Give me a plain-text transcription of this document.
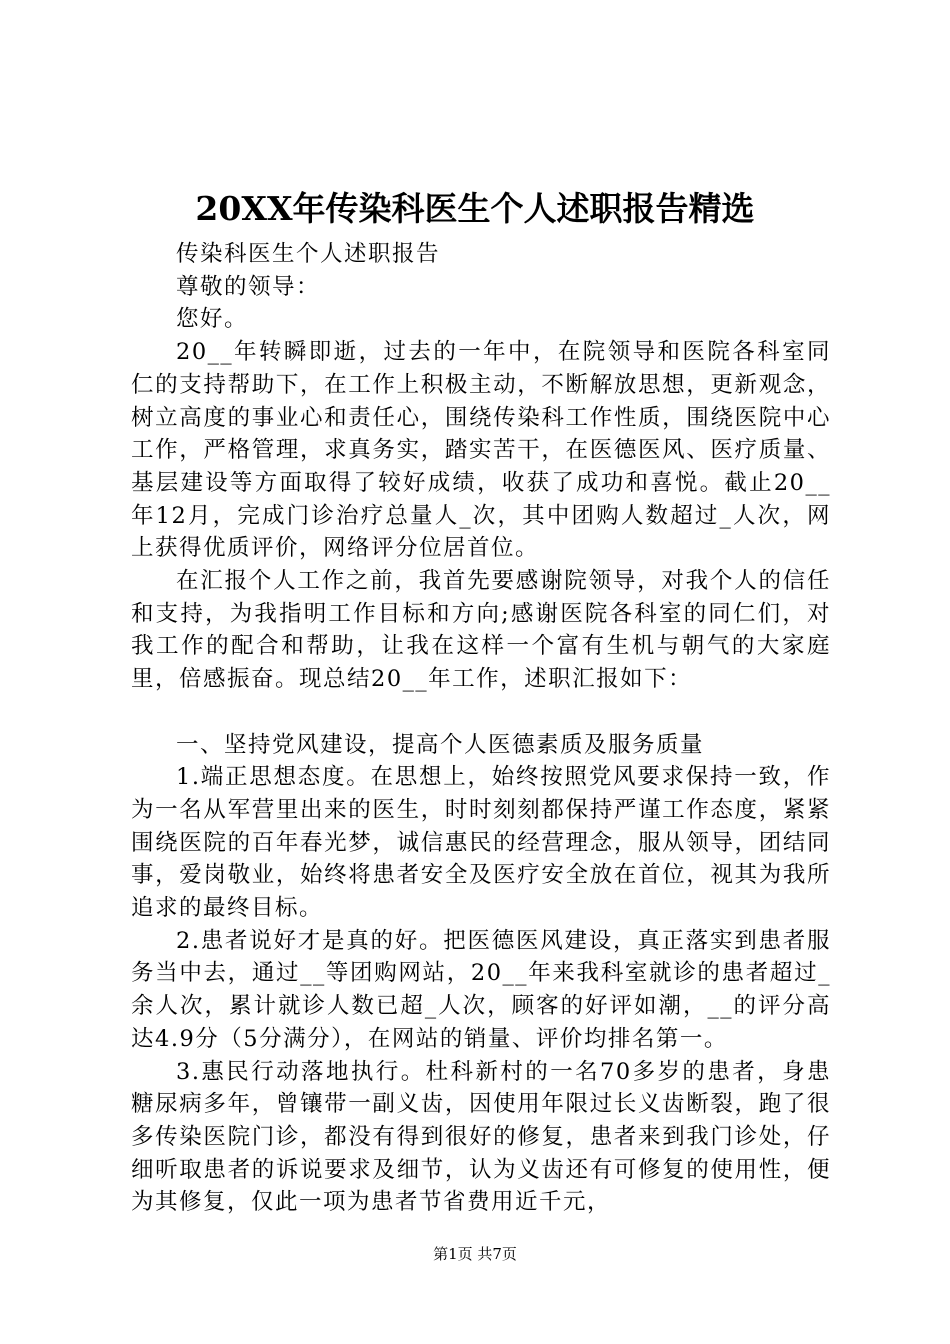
20XX年传染科医生个人述职报告精选

传染科医生个人述职报告

尊敬的领导：

您好。

20__年转瞬即逝，过去的一年中，在院领导和医院各科室同仁的支持帮助下，在工作上积极主动，不断解放思想，更新观念，树立高度的事业心和责任心，围绕传染科工作性质，围绕医院中心工作，严格管理，求真务实，踏实苦干，在医德医风、医疗质量、基层建设等方面取得了较好成绩，收获了成功和喜悦。截止20__年12月，完成门诊治疗总量人_次，其中团购人数超过_人次，网上获得优质评价，网络评分位居首位。

在汇报个人工作之前，我首先要感谢院领导，对我个人的信任和支持，为我指明工作目标和方向;感谢医院各科室的同仁们，对我工作的配合和帮助，让我在这样一个富有生机与朝气的大家庭里，倍感振奋。现总结20__年工作，述职汇报如下：

一、坚持党风建设，提高个人医德素质及服务质量

1.端正思想态度。在思想上，始终按照党风要求保持一致，作为一名从军营里出来的医生，时时刻刻都保持严谨工作态度，紧紧围绕医院的百年春光梦，诚信惠民的经营理念，服从领导，团结同事，爱岗敬业，始终将患者安全及医疗安全放在首位，视其为我所追求的最终目标。

2.患者说好才是真的好。把医德医风建设，真正落实到患者服务当中去，通过__等团购网站，20__年来我科室就诊的患者超过_余人次，累计就诊人数已超_人次，顾客的好评如潮，__的评分高达4.9分（5分满分），在网站的销量、评价均排名第一。

3.惠民行动落地执行。杜科新村的一名70多岁的患者，身患糖尿病多年，曾镶带一副义齿，因使用年限过长义齿断裂，跑了很多传染医院门诊，都没有得到很好的修复，患者来到我门诊处，仔细听取患者的诉说要求及细节，认为义齿还有可修复的使用性，便为其修复，仅此一项为患者节省费用近千元，

第1页 共7页
